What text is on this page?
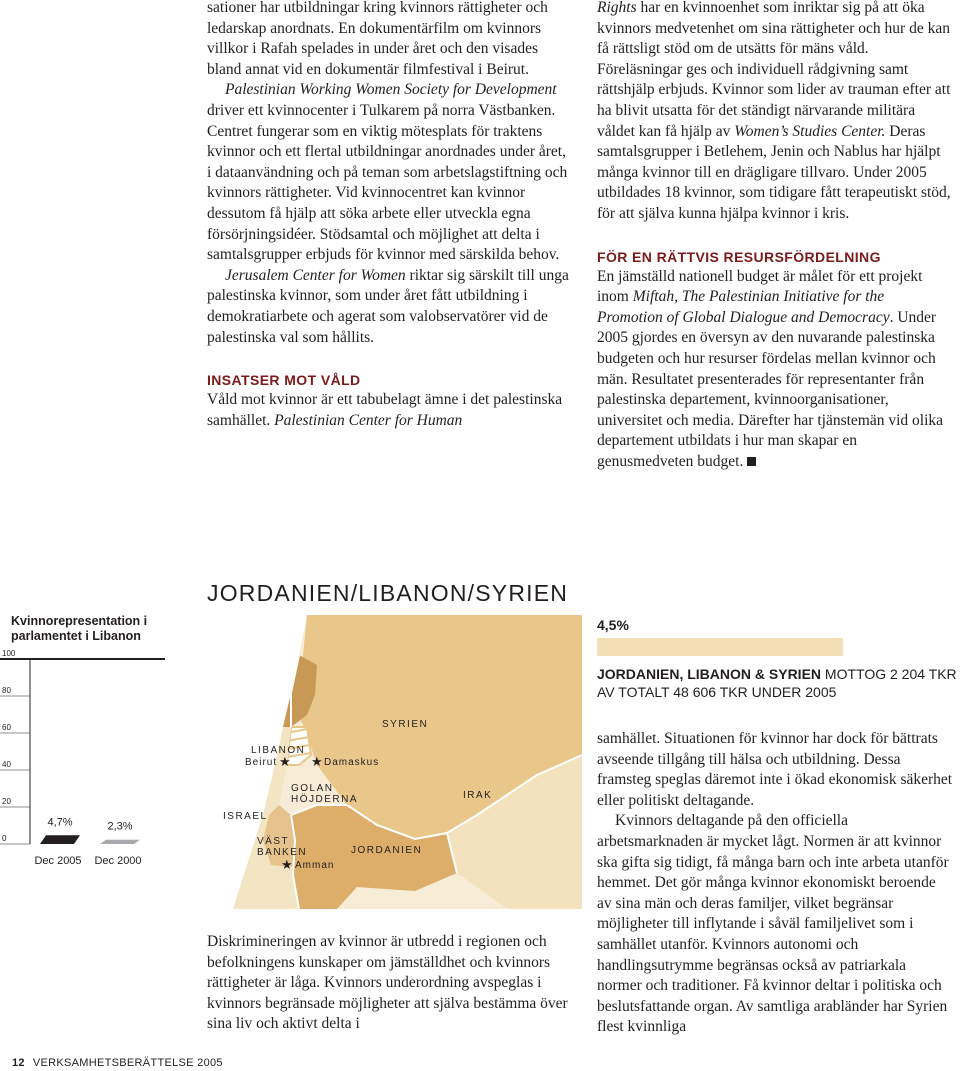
sationer har utbildningar kring kvinnors rättigheter och ledarskap anordnats. En dokumentärfilm om kvinnors villkor i Rafah spelades in under året och den visades bland annat vid en dokumentär filmfestival i Beirut.

Palestinian Working Women Society for Development driver ett kvinnocenter i Tulkarem på norra Västbanken. Centret fungerar som en viktig mötesplats för traktens kvinnor och ett flertal utbildningar anordnades under året, i dataanvändning och på teman som arbetslagstiftning och kvinnors rättigheter. Vid kvinnocentret kan kvinnor dessutom få hjälp att söka arbete eller utveckla egna försörjningsidéer. Stödsamtal och möjlighet att delta i samtalsgrupper erbjuds för kvinnor med särskilda behov.

Jerusalem Center for Women riktar sig särskilt till unga palestinska kvinnor, som under året fått utbildning i demokratiarbete och agerat som valobservatörer vid de palestinska val som hållits.

INSATSER MOT VÅLD

Våld mot kvinnor är ett tabubelagt ämne i det palestinska samhället. Palestinian Center for Human

Rights har en kvinnoenhet som inriktar sig på att öka kvinnors medvetenhet om sina rättigheter och hur de kan få rättsligt stöd om de utsätts för mäns våld. Föreläsningar ges och individuell rådgivning samt rättshjälp erbjuds. Kvinnor som lider av trauman efter att ha blivit utsatta för det ständigt närvarande militära våldet kan få hjälp av Women’s Studies Center. Deras samtalsgrupper i Betlehem, Jenin och Nablus har hjälpt många kvinnor till en drägligare tillvaro. Under 2005 utbildades 18 kvinnor, som tidigare fått terapeutiskt stöd, för att själva kunna hjälpa kvinnor i kris.

FÖR EN RÄTTVIS RESURSFÖRDELNING

En jämställd nationell budget är målet för ett projekt inom Miftah, The Palestinian Initiative for the Promotion of Global Dialogue and Democracy. Under 2005 gjordes en översyn av den nuvarande palestinska budgeten och hur resurser fördelas mellan kvinnor och män. Resultatet presenterades för representanter från palestinska departement, kvinnoorganisationer, universitet och media. Därefter har tjänstemän vid olika departement utbildats i hur man skapar en genusmedveten budget.

Kvinnorepresentation i parlamentet i Libanon
0
20
40
60
80
100
4,7%
Dec 2005
2,3%
Dec 2000
JORDANIEN/LIBANON/SYRIEN
SYRIEN
LIBANON
Beirut ★ ★ Damaskus
GOLAN
HÖJDERNA
ISRAEL
IRAK
VÄST
BANKEN	JORDANIEN
★ Amman

Diskrimineringen av kvinnor är utbredd i regionen och befolkningens kunskaper om jämställdhet och kvinnors rättigheter är låga. Kvinnors underordning avspeglas i kvinnors begränsade möjligheter att själva bestämma över sina liv och aktivt delta i

4,5%
JORDANIEN, LIBANON & SYRIEN MOTTOG 2 204 TKR AV TOTALT 48 606 TKR UNDER 2005

samhället. Situationen för kvinnor har dock för bättrats avseende tillgång till hälsa och utbildning. Dessa framsteg speglas däremot inte i ökad ekonomisk säkerhet eller politiskt deltagande.

Kvinnors deltagande på den officiella arbetsmarknaden är mycket lågt. Normen är att kvinnor ska gifta sig tidigt, få många barn och inte arbeta utanför hemmet. Det gör många kvinnor ekonomiskt beroende av sina män och deras familjer, vilket begränsar möjligheter till inflytande i såväl familjelivet som i samhället utanför. Kvinnors autonomi och handlingsutrymme begränsas också av patriarkala normer och traditioner. Få kvinnor deltar i politiska och beslutsfattande organ. Av samtliga arabländer har Syrien flest kvinnliga

12 VERKSAMHETSBERÄTTELSE 2005
